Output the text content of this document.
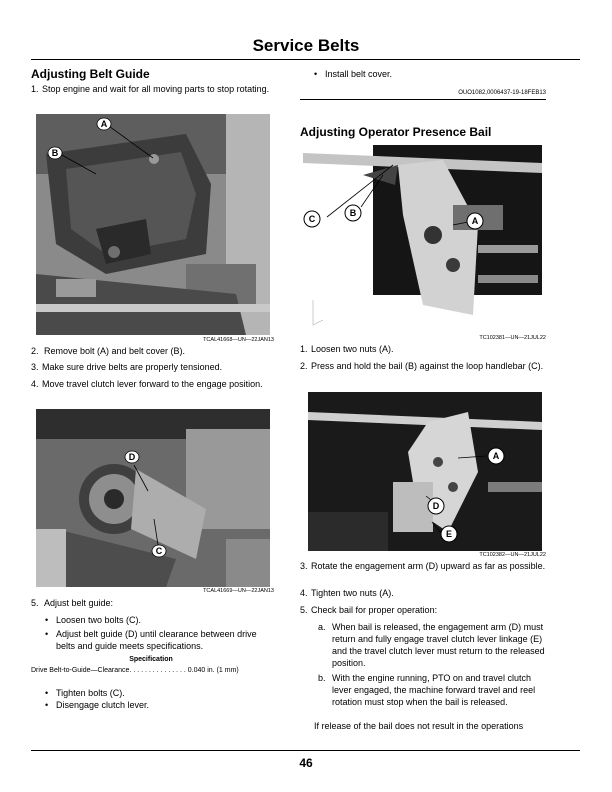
Service Belts
Adjusting Belt Guide
1. Stop engine and wait for all moving parts to stop rotating.
A
B
TCAL41668—UN—22JAN13
2. Remove bolt (A) and belt cover (B).
3. Make sure drive belts are properly tensioned.
4. Move travel clutch lever forward to the engage position.
D
C
TCAL41669—UN—22JAN13
5. Adjust belt guide:
• Loosen two bolts (C).
• Adjust belt guide (D) until clearance between drive belts and guide meets specifications.
Specification
Drive Belt-to-Guide—Clearance. . . . . . . . . . . . . . . 0.040 in. (1 mm)
• Tighten bolts (C).
• Disengage clutch lever.
• Install belt cover.
OUO1082,0006437-19-18FEB13
Adjusting Operator Presence Bail
C
B
A
TC102381—UN—21JUL22
1. Loosen two nuts (A).
2. Press and hold the bail (B) against the loop handlebar (C).
A
D
E
TC102382—UN—21JUL22
3. Rotate the engagement arm (D) upward as far as possible.
4. Tighten two nuts (A).
5. Check bail for proper operation:
a. When bail is released, the engagement arm (D) must return and fully engage travel clutch lever linkage (E) and the travel clutch lever must return to the released position.
b. With the engine running, PTO on and travel clutch lever engaged, the machine forward travel and reel rotation must stop when the bail is released.
If release of the bail does not result in the operations
46
